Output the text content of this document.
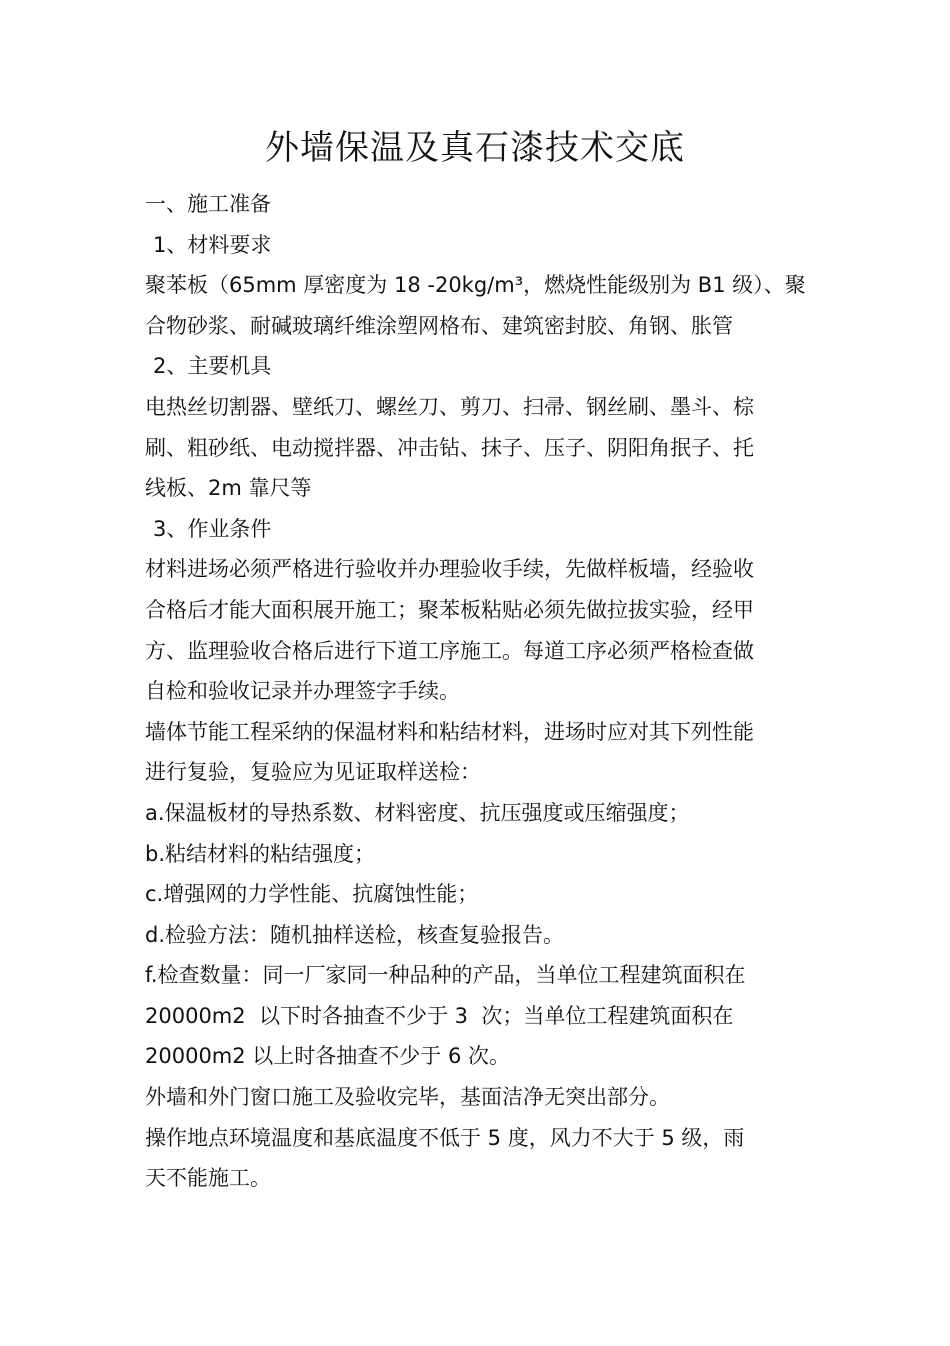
外墙保温及真石漆技术交底
一、施工准备
1、材料要求
聚苯板（65mm 厚密度为 18 -20kg/m³，燃烧性能级别为 B1 级）、聚
合物砂浆、耐碱玻璃纤维涂塑网格布、建筑密封胶、角钢、胀管
2、主要机具
电热丝切割器、壁纸刀、螺丝刀、剪刀、扫帚、钢丝刷、墨斗、棕
刷、粗砂纸、电动搅拌器、冲击钻、抹子、压子、阴阳角抿子、托
线板、2m 靠尺等
3、作业条件
材料进场必须严格进行验收并办理验收手续，先做样板墙，经验收
合格后才能大面积展开施工；聚苯板粘贴必须先做拉拔实验，经甲
方、监理验收合格后进行下道工序施工。每道工序必须严格检查做
自检和验收记录并办理签字手续。
墙体节能工程采纳的保温材料和粘结材料，进场时应对其下列性能
进行复验，复验应为见证取样送检：
a.保温板材的导热系数、材料密度、抗压强度或压缩强度；
b.粘结材料的粘结强度；
c.增强网的力学性能、抗腐蚀性能；
d.检验方法：随机抽样送检，核查复验报告。
f.检查数量：同一厂家同一种品种的产品，当单位工程建筑面积在
20000m2  以下时各抽查不少于 3  次；当单位工程建筑面积在
20000m2 以上时各抽查不少于 6 次。
外墙和外门窗口施工及验收完毕，基面洁净无突出部分。
操作地点环境温度和基底温度不低于 5 度，风力不大于 5 级，雨
天不能施工。
